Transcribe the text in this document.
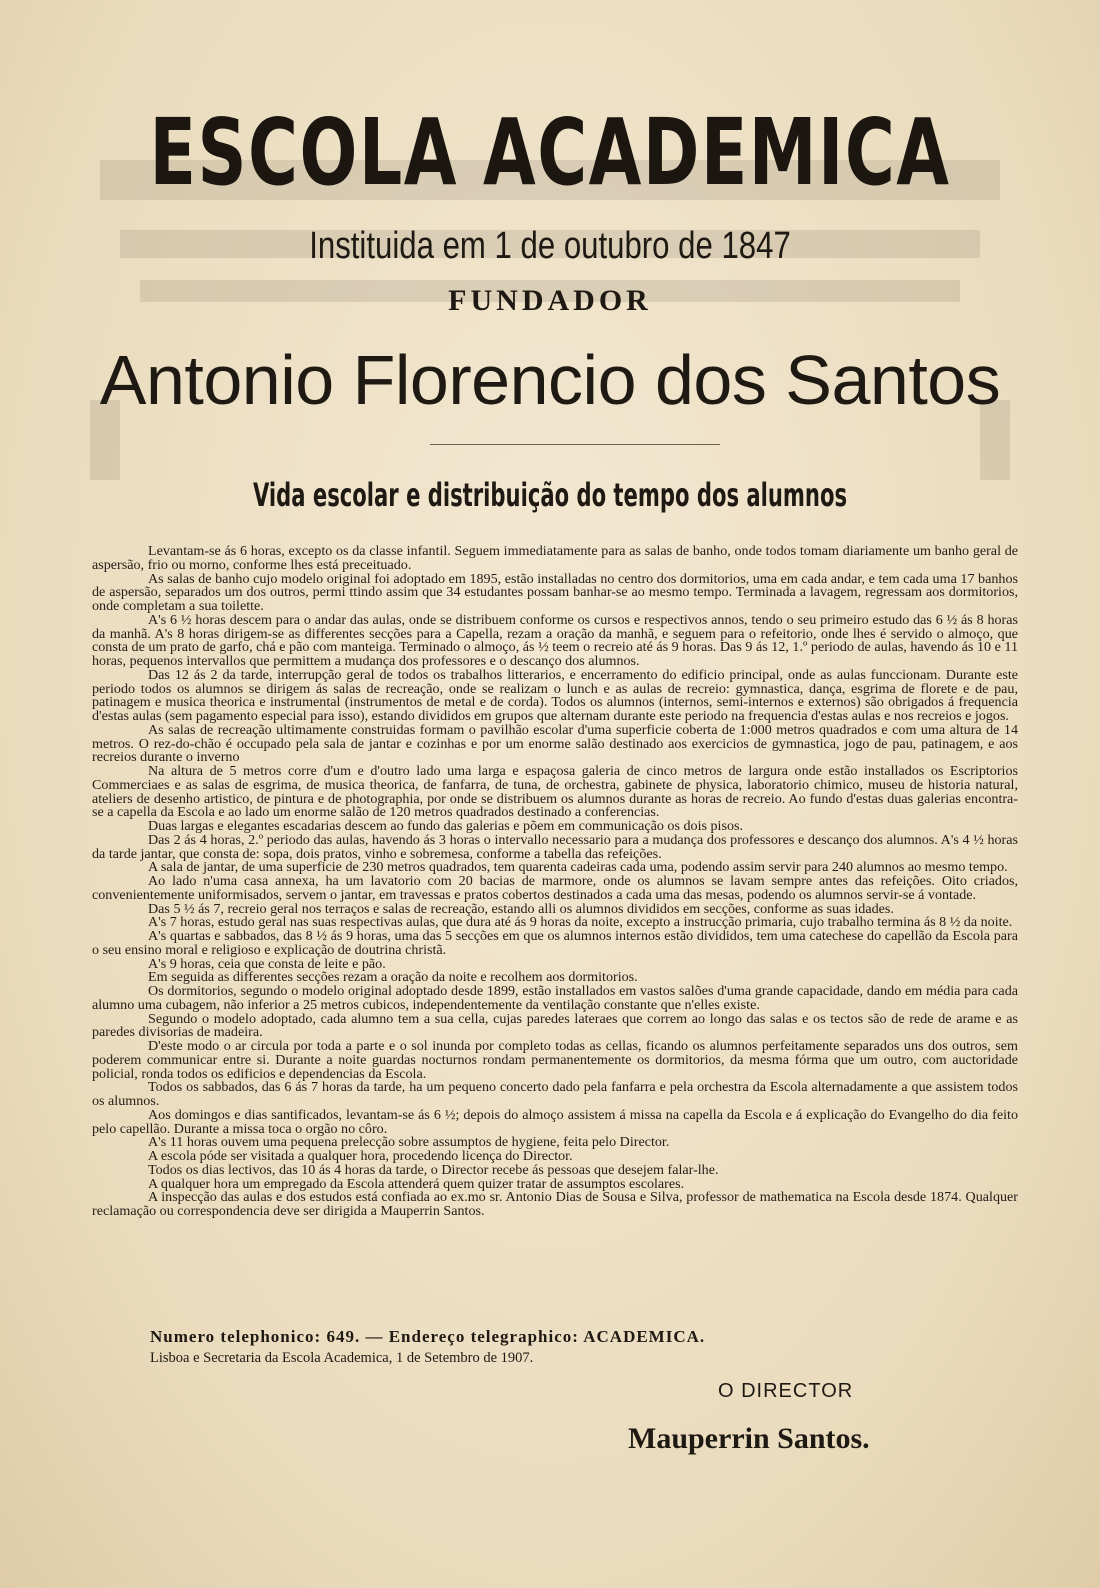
ESCOLA ACADEMICA
Instituida em 1 de outubro de 1847
FUNDADOR
Antonio Florencio dos Santos
Vida escolar e distribuição do tempo dos alumnos

Levantam-se ás 6 horas, excepto os da classe infantil. Seguem immediatamente para as salas de banho, onde todos tomam diariamente um banho geral de aspersão, frio ou morno, conforme lhes está preceituado.

As salas de banho cujo modelo original foi adoptado em 1895, estão installadas no centro dos dormitorios, uma em cada andar, e tem cada uma 17 banhos de aspersão, separados um dos outros, permi ttindo assim que 34 estudantes possam banhar-se ao mesmo tempo. Terminada a lavagem, regressam aos dormitorios, onde completam a sua toilette.

A's 6 ½ horas descem para o andar das aulas, onde se distribuem conforme os cursos e respectivos annos, tendo o seu primeiro estudo das 6 ½ ás 8 horas da manhã. A's 8 horas dirigem-se as differentes secções para a Capella, rezam a oração da manhã, e seguem para o refeitorio, onde lhes é servido o almoço, que consta de um prato de garfo, chá e pão com manteiga. Terminado o almoço, ás ½ teem o recreio até ás 9 horas. Das 9 ás 12, 1.º periodo de aulas, havendo ás 10 e 11 horas, pequenos intervallos que permittem a mudança dos professores e o descanço dos alumnos.

Das 12 ás 2 da tarde, interrupção geral de todos os trabalhos litterarios, e encerramento do edificio principal, onde as aulas funccionam. Durante este periodo todos os alumnos se dirigem ás salas de recreação, onde se realizam o lunch e as aulas de recreio: gymnastica, dança, esgrima de florete e de pau, patinagem e musica theorica e instrumental (instrumentos de metal e de corda). Todos os alumnos (internos, semi-internos e externos) são obrigados á frequencia d'estas aulas (sem pagamento especial para isso), estando divididos em grupos que alternam durante este periodo na frequencia d'estas aulas e nos recreios e jogos.

As salas de recreação ultimamente construidas formam o pavilhão escolar d'uma superficie coberta de 1:000 metros quadrados e com uma altura de 14 metros. O rez-do-chão é occupado pela sala de jantar e cozinhas e por um enorme salão destinado aos exercicios de gymnastica, jogo de pau, patinagem, e aos recreios durante o inverno

Na altura de 5 metros corre d'um e d'outro lado uma larga e espaçosa galeria de cinco metros de largura onde estão installados os Escriptorios Commerciaes e as salas de esgrima, de musica theorica, de fanfarra, de tuna, de orchestra, gabinete de physica, laboratorio chimico, museu de historia natural, ateliers de desenho artistico, de pintura e de photographia, por onde se distribuem os alumnos durante as horas de recreio. Ao fundo d'estas duas galerias encontra-se a capella da Escola e ao lado um enorme salão de 120 metros quadrados destinado a conferencias.

Duas largas e elegantes escadarias descem ao fundo das galerias e põem em communicação os dois pisos.

Das 2 ás 4 horas, 2.º periodo das aulas, havendo ás 3 horas o intervallo necessario para a mudança dos professores e descanço dos alumnos. A's 4 ½ horas da tarde jantar, que consta de: sopa, dois pratos, vinho e sobremesa, conforme a tabella das refeições.

A sala de jantar, de uma superficie de 230 metros quadrados, tem quarenta cadeiras cada uma, podendo assim servir para 240 alumnos ao mesmo tempo.

Ao lado n'uma casa annexa, ha um lavatorio com 20 bacias de marmore, onde os alumnos se lavam sempre antes das refeições. Oito criados, convenientemente uniformisados, servem o jantar, em travessas e pratos cobertos destinados a cada uma das mesas, podendo os alumnos servir-se á vontade.

Das 5 ½ ás 7, recreio geral nos terraços e salas de recreação, estando alli os alumnos divididos em secções, conforme as suas idades.

A's 7 horas, estudo geral nas suas respectivas aulas, que dura até ás 9 horas da noite, excepto a instrucção primaria, cujo trabalho termina ás 8 ½ da noite.

A's quartas e sabbados, das 8 ½ ás 9 horas, uma das 5 secções em que os alumnos internos estão divididos, tem uma catechese do capellão da Escola para o seu ensino moral e religioso e explicação de doutrina christã.

A's 9 horas, ceia que consta de leite e pão.

Em seguida as differentes secções rezam a oração da noite e recolhem aos dormitorios.

Os dormitorios, segundo o modelo original adoptado desde 1899, estão installados em vastos salões d'uma grande capacidade, dando em média para cada alumno uma cubagem, não inferior a 25 metros cubicos, independentemente da ventilação constante que n'elles existe.

Segundo o modelo adoptado, cada alumno tem a sua cella, cujas paredes lateraes que correm ao longo das salas e os tectos são de rede de arame e as paredes divisorias de madeira.

D'este modo o ar circula por toda a parte e o sol inunda por completo todas as cellas, ficando os alumnos perfeitamente separados uns dos outros, sem poderem communicar entre si. Durante a noite guardas nocturnos rondam permanentemente os dormitorios, da mesma fórma que um outro, com auctoridade policial, ronda todos os edificios e dependencias da Escola.

Todos os sabbados, das 6 ás 7 horas da tarde, ha um pequeno concerto dado pela fanfarra e pela orchestra da Escola alternadamente a que assistem todos os alumnos.

Aos domingos e dias santificados, levantam-se ás 6 ½; depois do almoço assistem á missa na capella da Escola e á explicação do Evangelho do dia feito pelo capellão. Durante a missa toca o orgão no côro.

A's 11 horas ouvem uma pequena prelecção sobre assumptos de hygiene, feita pelo Director.

A escola póde ser visitada a qualquer hora, procedendo licença do Director.

Todos os dias lectivos, das 10 ás 4 horas da tarde, o Director recebe ás pessoas que desejem falar-lhe.

A qualquer hora um empregado da Escola attenderá quem quizer tratar de assumptos escolares.

A inspecção das aulas e dos estudos está confiada ao ex.mo sr. Antonio Dias de Sousa e Silva, professor de mathematica na Escola desde 1874. Qualquer reclamação ou correspondencia deve ser dirigida a Mauperrin Santos.

Numero telephonico: 649. — Endereço telegraphico: ACADEMICA.
Lisboa e Secretaria da Escola Academica, 1 de Setembro de 1907.
O DIRECTOR
Mauperrin Santos.
